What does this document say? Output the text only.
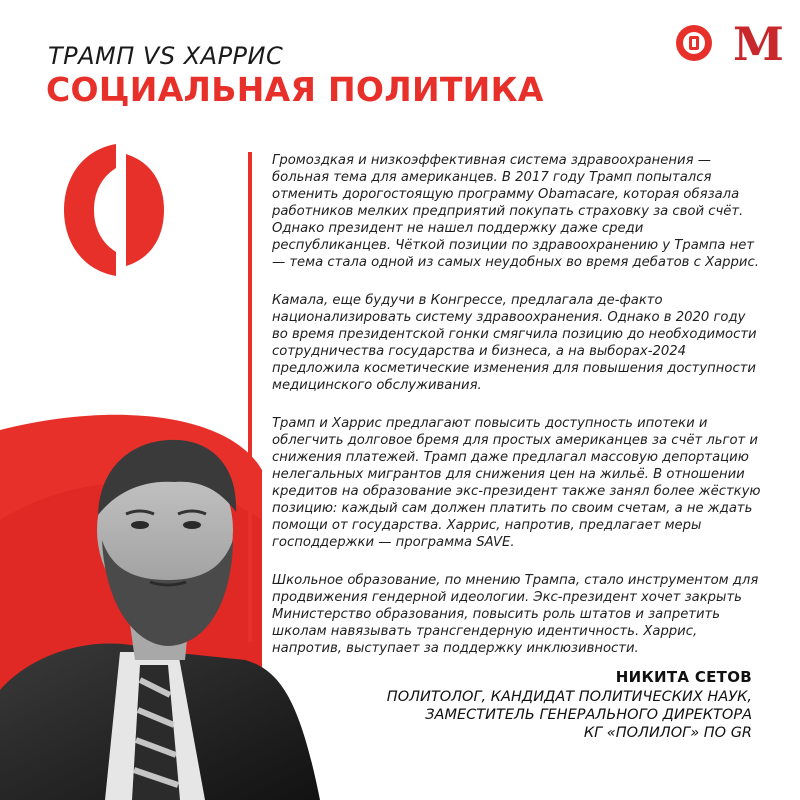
ТРАМП VS ХАРРИС
СОЦИАЛЬНАЯ ПОЛИТИКА
M

Громоздкая и низкоэффективная система здравоохранения — больная тема для американцев. В 2017 году Трамп попытался отменить дорогостоящую программу Obamacare, которая обязала работников мелких предприятий покупать страховку за свой счёт. Однако президент не нашел поддержку даже среди республиканцев. Чёткой позиции по здравоохранению у Трампа нет — тема стала одной из самых неудобных во время дебатов с Харрис.

Камала, еще будучи в Конгрессе, предлагала де-факто национализировать систему здравоохранения. Однако в 2020 году во время президентской гонки смягчила позицию до необходимости сотрудничества государства и бизнеса, а на выборах-2024 предложила косметические изменения для повышения доступности медицинского обслуживания.

Трамп и Харрис предлагают повысить доступность ипотеки и облегчить долговое бремя для простых американцев за счёт льгот и снижения платежей. Трамп даже предлагал массовую депортацию нелегальных мигрантов для снижения цен на жильё. В отношении кредитов на образование экс-президент также занял более жёсткую позицию: каждый сам должен платить по своим счетам, а не ждать помощи от государства. Харрис, напротив, предлагает меры господдержки — программа SAVE.

Школьное образование, по мнению Трампа, стало инструментом для продвижения гендерной идеологии. Экс-президент хочет закрыть Министерство образования, повысить роль штатов и запретить школам навязывать трансгендерную идентичность. Харрис, напротив, выступает за поддержку инклюзивности.

НИКИТА СЕТОВ
ПОЛИТОЛОГ, КАНДИДАТ ПОЛИТИЧЕСКИХ НАУК,
ЗАМЕСТИТЕЛЬ ГЕНЕРАЛЬНОГО ДИРЕКТОРА
КГ «ПОЛИЛОГ» ПО GR
